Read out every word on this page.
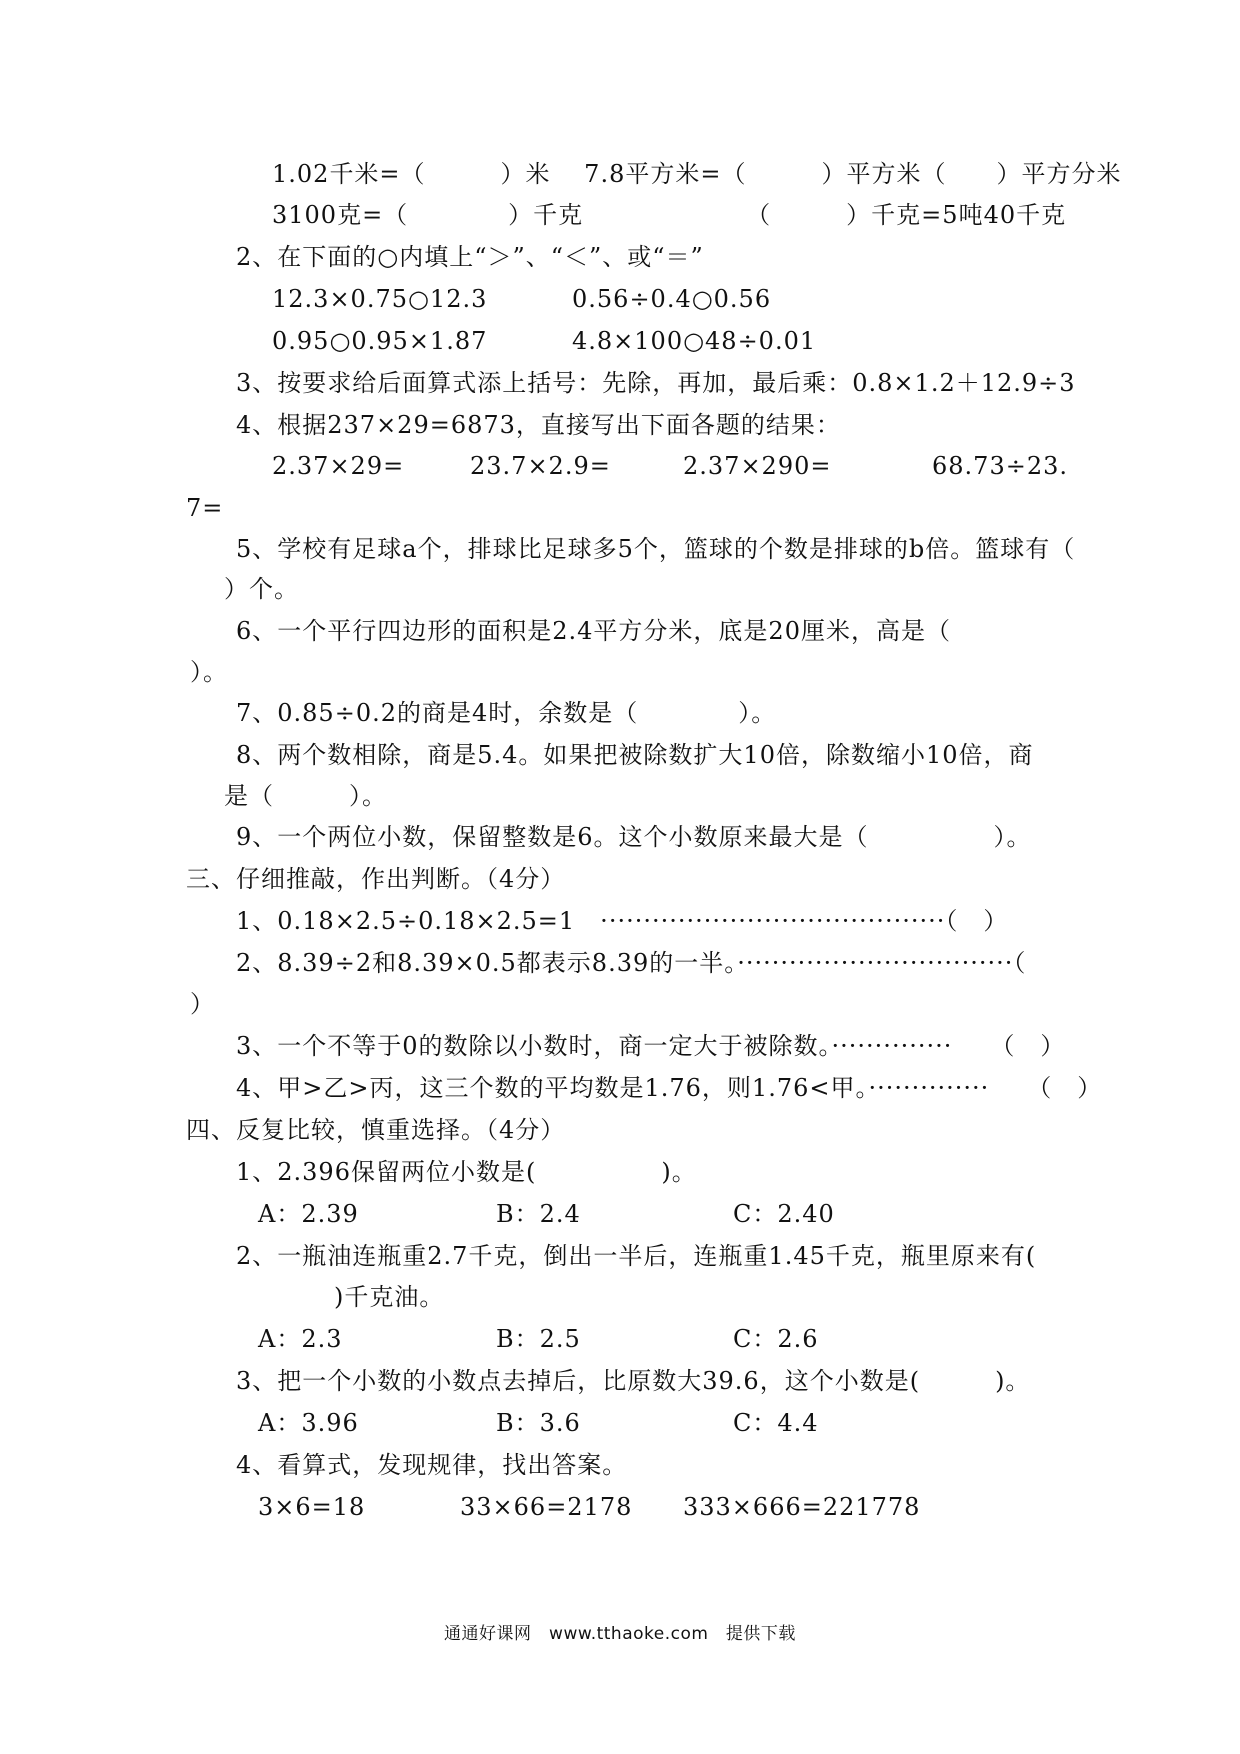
1.02千米=（　　　）米　 7.8平方米=（　　　）平方米（　　）平方分米
3100克=（　　　　）千克　　　　　　　（　　　）千克=5吨40千克
2、在下面的○内填上“＞”、“＜”、或“＝”
12.3×0.75○12.3	0.56÷0.4○0.56
0.95○0.95×1.87	4.8×100○48÷0.01
3、按要求给后面算式添上括号：先除，再加，最后乘：0.8×1.2＋12.9÷3
4、根据237×29=6873，直接写出下面各题的结果：
2.37×29=	23.7×2.9=	2.37×290=	68.73÷23.
7=
5、学校有足球a个，排球比足球多5个，篮球的个数是排球的b倍。篮球有（
）个。
6、一个平行四边形的面积是2.4平方分米，底是20厘米，高是（
）。
7、0.85÷0.2的商是4时，余数是（　　　　）。
8、两个数相除，商是5.4。如果把被除数扩大10倍，除数缩小10倍，商
是（　　　）。
9、一个两位小数，保留整数是6。这个小数原来最大是（　　　　　）。
三、仔细推敲，作出判断。（4分）
1、0.18×2.5÷0.18×2.5=1　········································（　）
2、8.39÷2和8.39×0.5都表示8.39的一半。································（
）
3、一个不等于0的数除以小数时，商一定大于被除数。··············　　（　）
4、甲>乙>丙，这三个数的平均数是1.76，则1.76<甲。··············　　（　）
四、反复比较，慎重选择。（4分）
1、2.396保留两位小数是(　　　　　)。
A：2.39	B：2.4	C：2.40
2、一瓶油连瓶重2.7千克，倒出一半后，连瓶重1.45千克，瓶里原来有(
)千克油。
A：2.3	B：2.5	C：2.6
3、把一个小数的小数点去掉后，比原数大39.6，这个小数是(　　　)。
A：3.96	B：3.6	C：4.4
4、看算式，发现规律，找出答案。
3×6=18	33×66=2178 333×666=221778
通通好课网　www.tthaoke.com　提供下载
